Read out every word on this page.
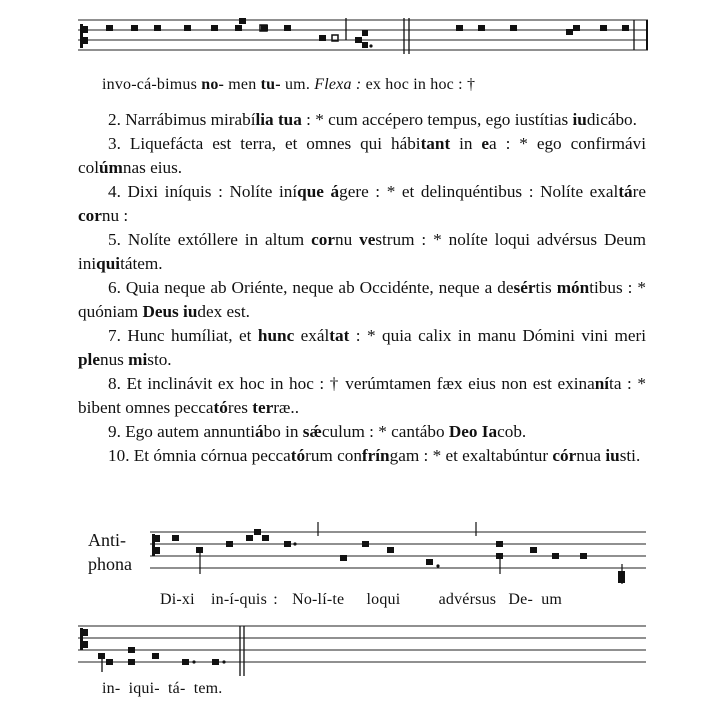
invo-cá-bimus no- men tu- um. Flexa : ex hoc in hoc : †

2. Narrábimus mirabília tua : * cum accépero tempus, ego iustítias iudicábo.

3. Liquefácta est terra, et omnes qui hábitant in ea : * ego confirmávi colúmnas eius.

4. Dixi iníquis : Nolíte iníque ágere : * et delinquéntibus : Nolíte exaltáre cornu :

5. Nolíte extóllere in altum cornu vestrum : * nolíte loqui advérsus Deum iniquitátem.

6. Quia neque ab Oriénte, neque ab Occidénte, neque a desértis móntibus : * quóniam Deus iudex est.

7. Hunc humíliat, et hunc exáltat : * quia calix in manu Dómini vini meri plenus misto.

8. Et inclinávit ex hoc in hoc : † verúmtamen fæx eius non est exinaníta : * bibent omnes peccatóres terræ..

9. Ego autem annuntiábo in sǽculum : * cantábo Deo Iacob.

10. Et ómnia córnua peccatórum confríngam : * et exaltabúntur córnua iusti.

Anti-
phona
Di-xi in-í-quis : No-lí-te loqui advérsus De- um
in- iqui- tá- tem.
